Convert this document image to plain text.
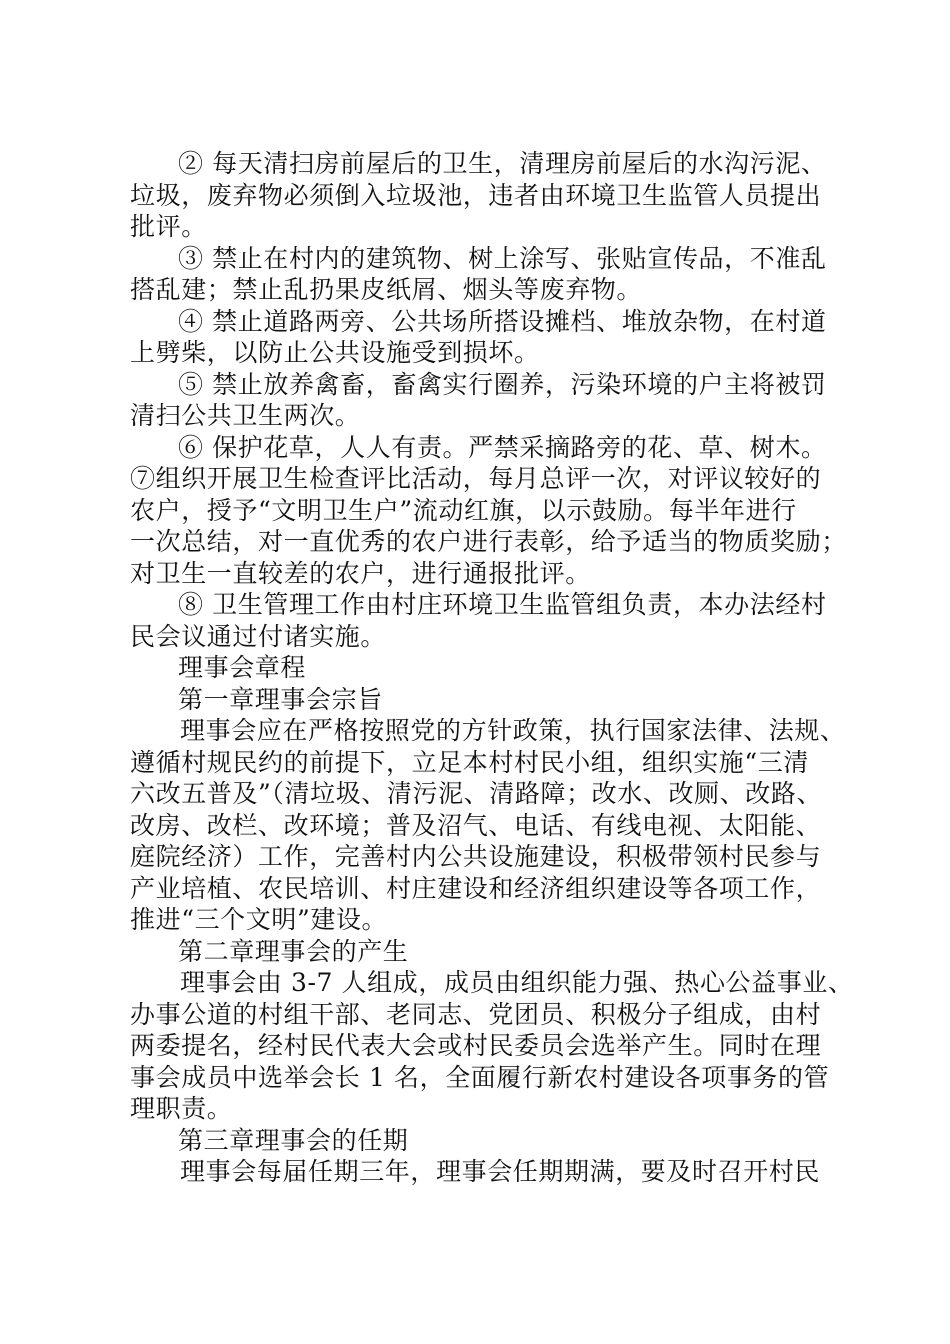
② 每天清扫房前屋后的卫生，清理房前屋后的水沟污泥、
垃圾，废弃物必须倒入垃圾池，违者由环境卫生监管人员提出
批评。
③ 禁止在村内的建筑物、树上涂写、张贴宣传品，不准乱
搭乱建；禁止乱扔果皮纸屑、烟头等废弃物。
④ 禁止道路两旁、公共场所搭设摊档、堆放杂物，在村道
上劈柴，以防止公共设施受到损坏。
⑤ 禁止放养禽畜，畜禽实行圈养，污染环境的户主将被罚
清扫公共卫生两次。
⑥ 保护花草，人人有责。严禁采摘路旁的花、草、树木。
⑦组织开展卫生检查评比活动，每月总评一次，对评议较好的
农户，授予“文明卫生户”流动红旗，以示鼓励。每半年进行
一次总结，对一直优秀的农户进行表彰，给予适当的物质奖励；
对卫生一直较差的农户，进行通报批评。
⑧ 卫生管理工作由村庄环境卫生监管组负责，本办法经村
民会议通过付诸实施。
理事会章程
第一章理事会宗旨
理事会应在严格按照党的方针政策，执行国家法律、法规、
遵循村规民约的前提下，立足本村村民小组，组织实施“三清
六改五普及”（清垃圾、清污泥、清路障；改水、改厕、改路、
改房、改栏、改环境；普及沼气、电话、有线电视、太阳能、
庭院经济）工作，完善村内公共设施建设，积极带领村民参与
产业培植、农民培训、村庄建设和经济组织建设等各项工作，
推进“三个文明”建设。
第二章理事会的产生
理事会由 3-7 人组成，成员由组织能力强、热心公益事业、
办事公道的村组干部、老同志、党团员、积极分子组成，由村
两委提名，经村民代表大会或村民委员会选举产生。同时在理
事会成员中选举会长 1 名，全面履行新农村建设各项事务的管
理职责。
第三章理事会的任期
理事会每届任期三年，理事会任期期满，要及时召开村民
